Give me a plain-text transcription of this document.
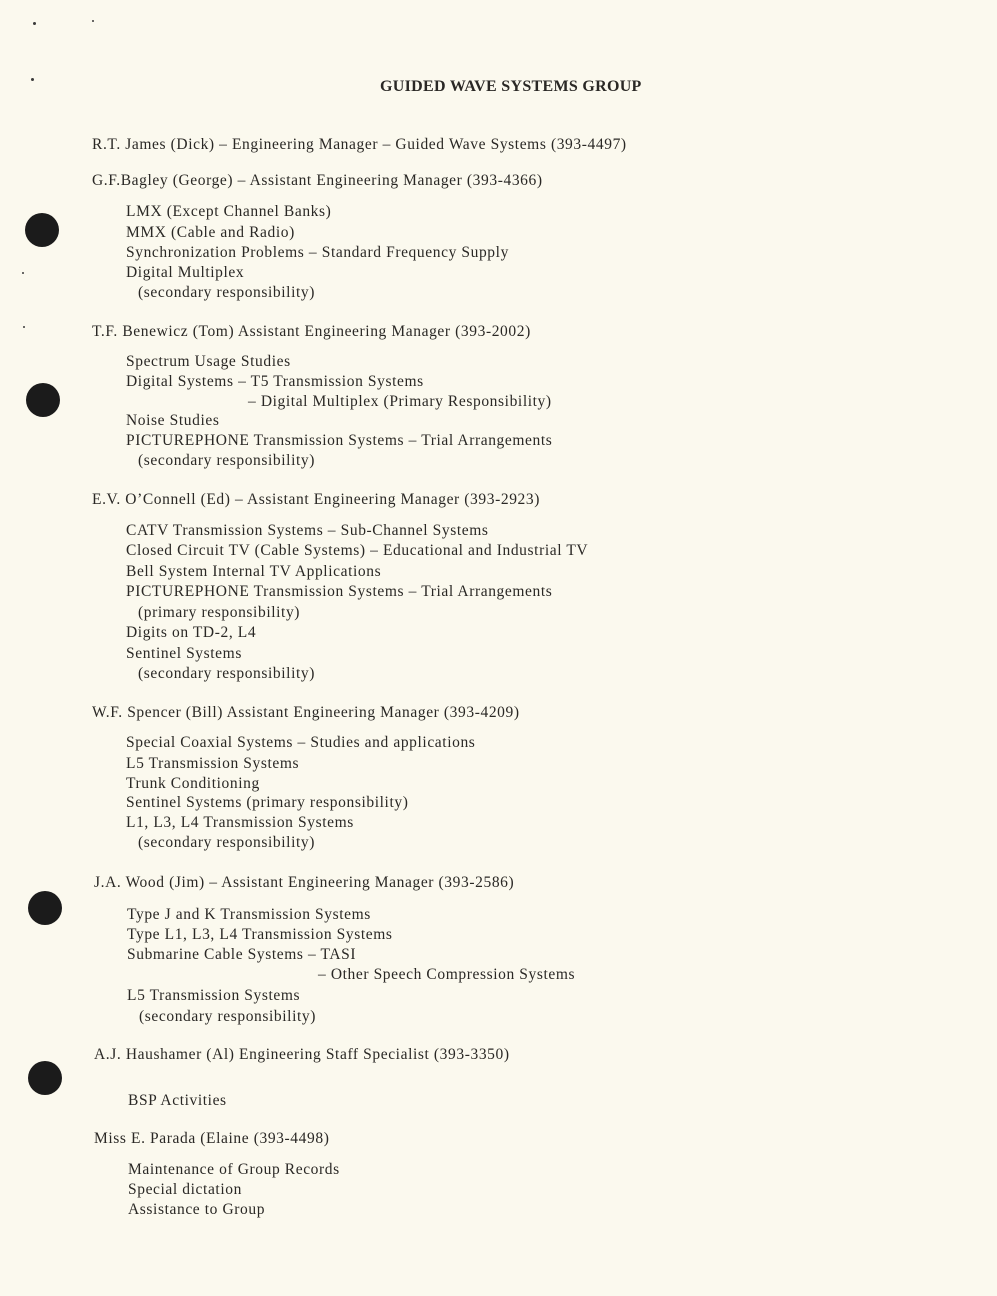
GUIDED WAVE SYSTEMS GROUP
R.T. James (Dick) – Engineering Manager – Guided Wave Systems (393-4497)
G.F.Bagley (George) – Assistant Engineering Manager (393-4366)
LMX (Except Channel Banks)
MMX (Cable and Radio)
Synchronization Problems – Standard Frequency Supply
Digital Multiplex
(secondary responsibility)
T.F. Benewicz (Tom) Assistant Engineering Manager (393-2002)
Spectrum Usage Studies
Digital Systems – T5 Transmission Systems
– Digital Multiplex (Primary Responsibility)
Noise Studies
PICTUREPHONE Transmission Systems – Trial Arrangements
(secondary responsibility)
E.V. O’Connell (Ed) – Assistant Engineering Manager (393-2923)
CATV Transmission Systems – Sub-Channel Systems
Closed Circuit TV (Cable Systems) – Educational and Industrial TV
Bell System Internal TV Applications
PICTUREPHONE Transmission Systems – Trial Arrangements
(primary responsibility)
Digits on TD-2, L4
Sentinel Systems
(secondary responsibility)
W.F. Spencer (Bill) Assistant Engineering Manager (393-4209)
Special Coaxial Systems – Studies and applications
L5 Transmission Systems
Trunk Conditioning
Sentinel Systems (primary responsibility)
L1, L3, L4 Transmission Systems
(secondary responsibility)
J.A. Wood (Jim) – Assistant Engineering Manager (393-2586)
Type J and K Transmission Systems
Type L1, L3, L4 Transmission Systems
Submarine Cable Systems – TASI
– Other Speech Compression Systems
L5 Transmission Systems
(secondary responsibility)
A.J. Haushamer (Al) Engineering Staff Specialist (393-3350)
BSP Activities
Miss E. Parada (Elaine (393-4498)
Maintenance of Group Records
Special dictation
Assistance to Group
